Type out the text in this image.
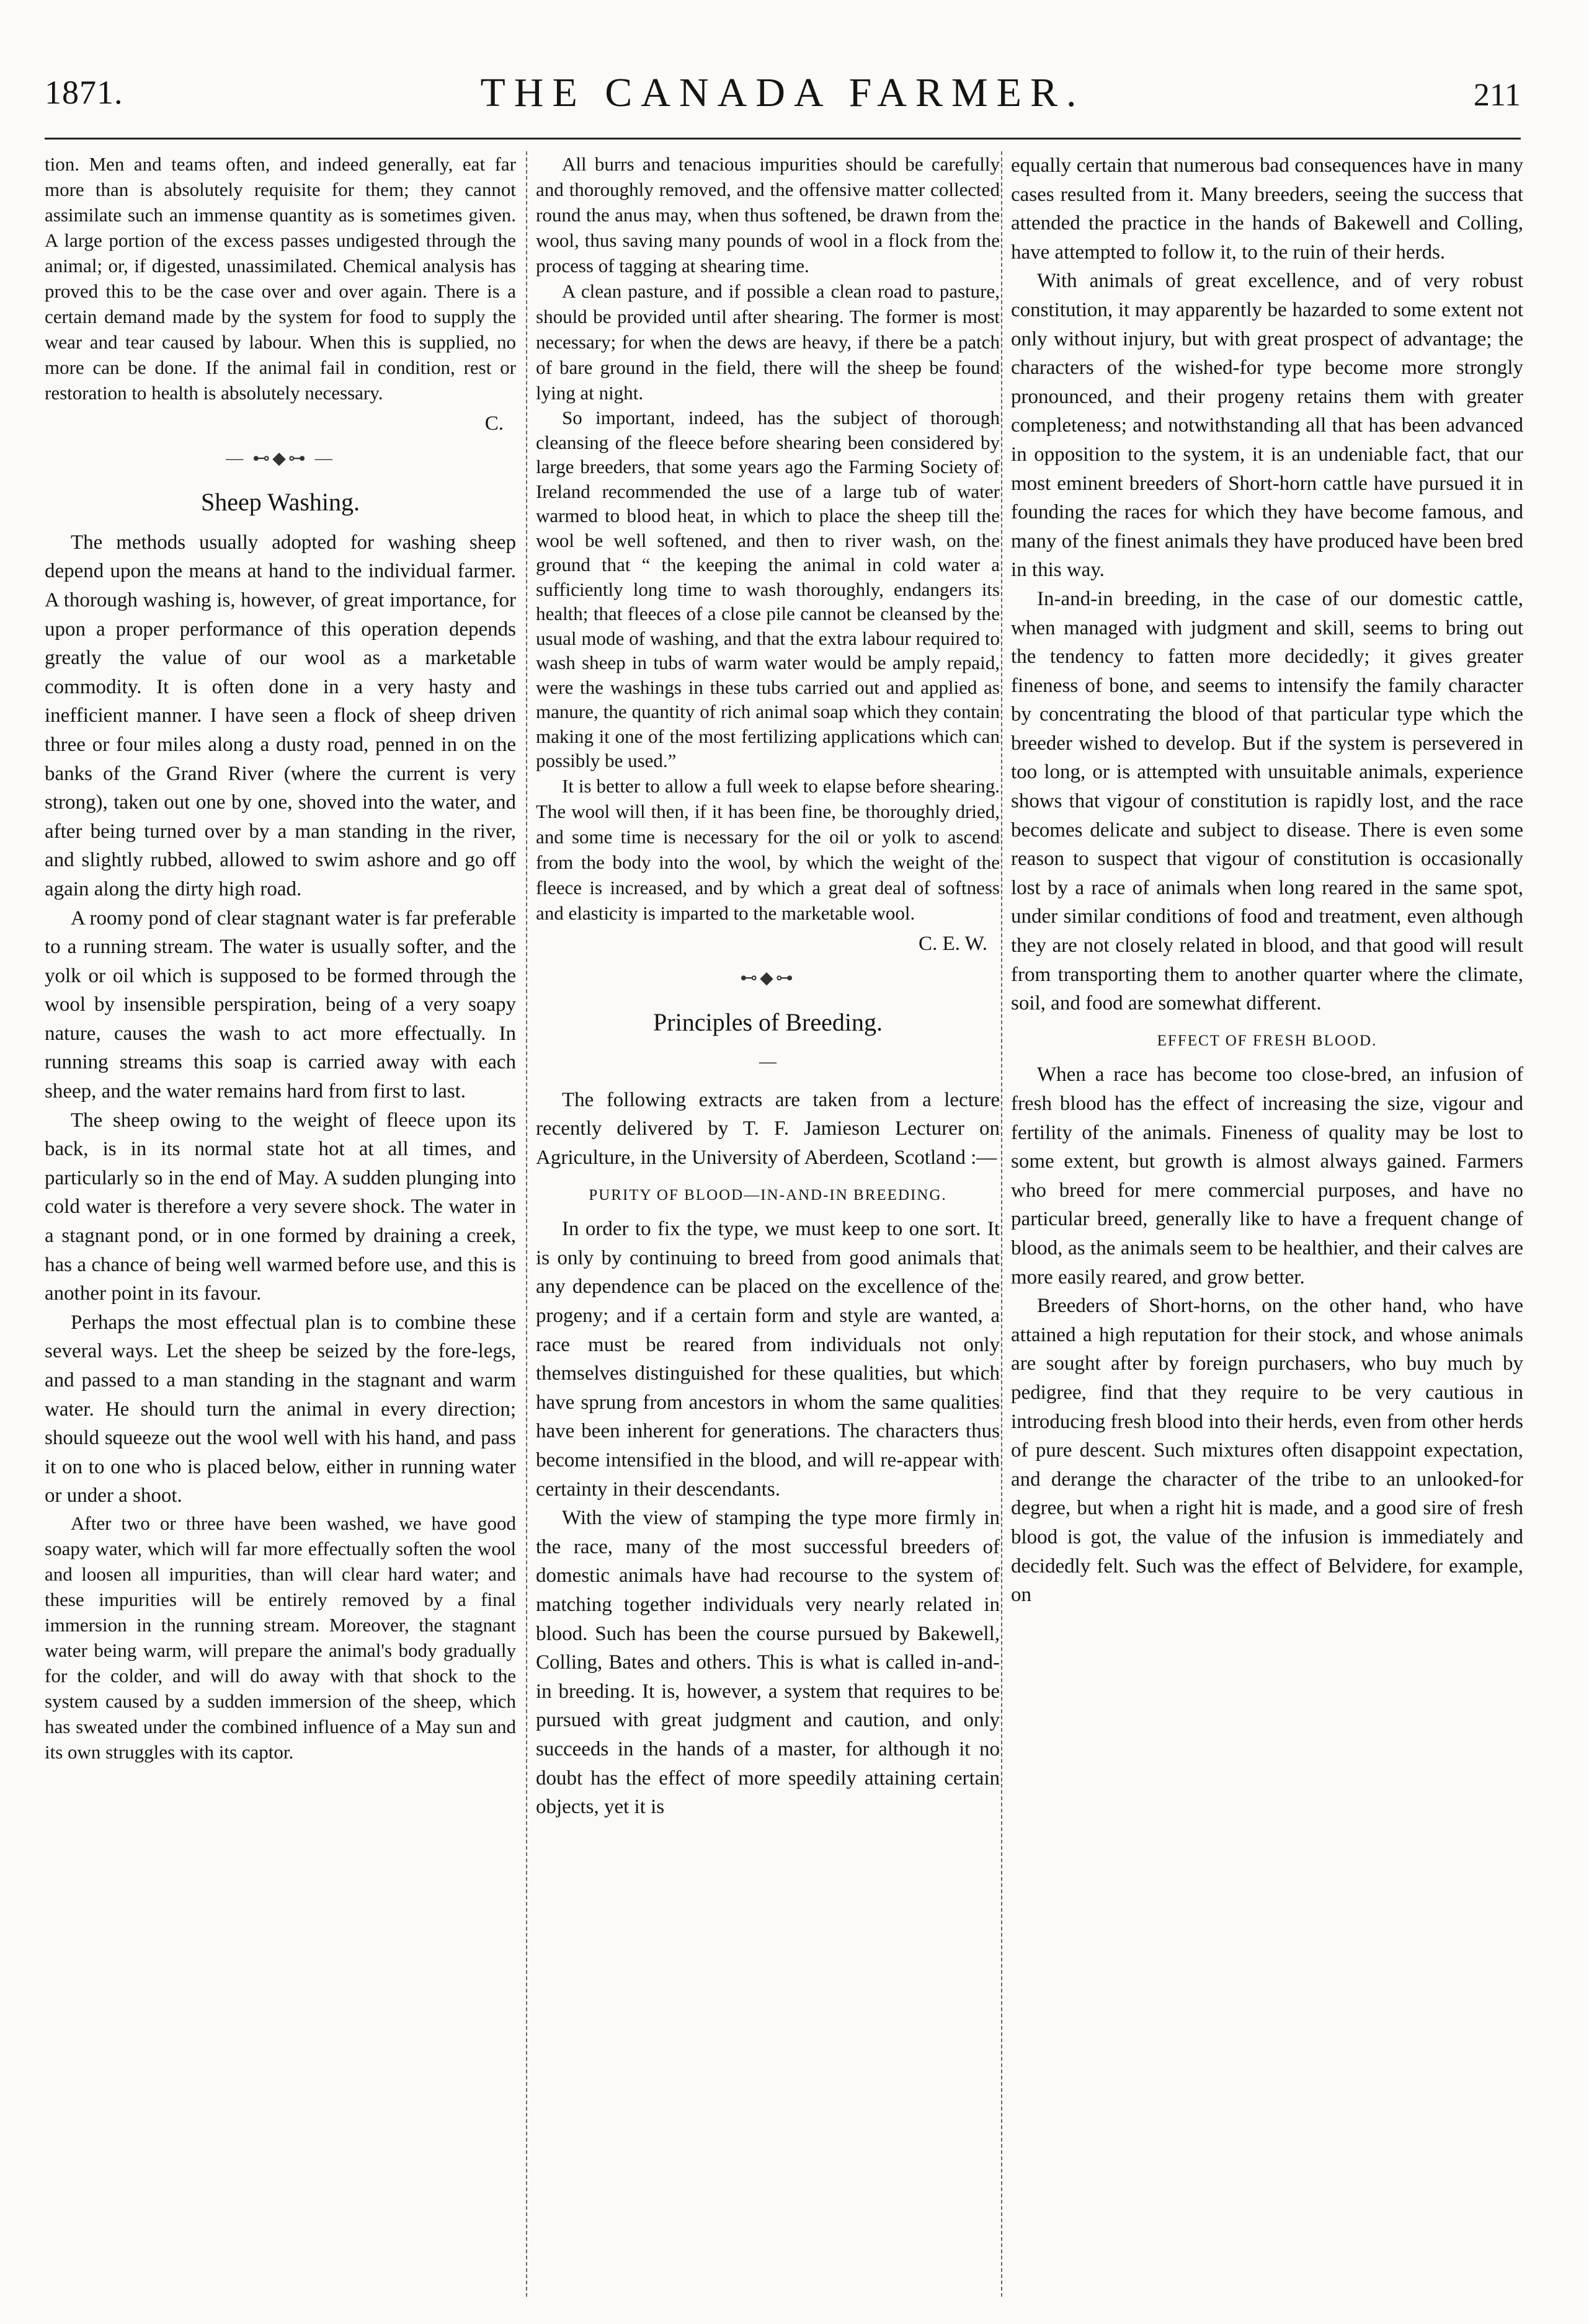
1871.	THE CANADA FARMER.	211

tion. Men and teams often, and indeed generally, eat far more than is absolutely requisite for them; they cannot assimilate such an immense quantity as is sometimes given. A large portion of the excess passes undigested through the animal; or, if digested, unassimilated. Chemical analysis has proved this to be the case over and over again. There is a certain demand made by the system for food to supply the wear and tear caused by labour. When this is supplied, no more can be done. If the animal fail in condition, rest or restoration to health is absolutely necessary.

C.

— ⊷◆⊶ —
Sheep Washing.

The methods usually adopted for washing sheep depend upon the means at hand to the individual farmer. A thorough washing is, however, of great importance, for upon a proper performance of this operation depends greatly the value of our wool as a marketable commodity. It is often done in a very hasty and inefficient manner. I have seen a flock of sheep driven three or four miles along a dusty road, penned in on the banks of the Grand River (where the current is very strong), taken out one by one, shoved into the water, and after being turned over by a man standing in the river, and slightly rubbed, allowed to swim ashore and go off again along the dirty high road.

A roomy pond of clear stagnant water is far preferable to a running stream. The water is usually softer, and the yolk or oil which is supposed to be formed through the wool by insensible perspiration, being of a very soapy nature, causes the wash to act more effectually. In running streams this soap is carried away with each sheep, and the water remains hard from first to last.

The sheep owing to the weight of fleece upon its back, is in its normal state hot at all times, and particularly so in the end of May. A sudden plunging into cold water is therefore a very severe shock. The water in a stagnant pond, or in one formed by draining a creek, has a chance of being well warmed before use, and this is another point in its favour.

Perhaps the most effectual plan is to combine these several ways. Let the sheep be seized by the fore-legs, and passed to a man standing in the stagnant and warm water. He should turn the animal in every direction; should squeeze out the wool well with his hand, and pass it on to one who is placed below, either in running water or under a shoot.

After two or three have been washed, we have good soapy water, which will far more effectually soften the wool and loosen all impurities, than will clear hard water; and these impurities will be entirely removed by a final immersion in the running stream. Moreover, the stagnant water being warm, will prepare the animal's body gradually for the colder, and will do away with that shock to the system caused by a sudden immersion of the sheep, which has sweated under the combined influence of a May sun and its own struggles with its captor.

All burrs and tenacious impurities should be carefully and thoroughly removed, and the offensive matter collected round the anus may, when thus softened, be drawn from the wool, thus saving many pounds of wool in a flock from the process of tagging at shearing time.

A clean pasture, and if possible a clean road to pasture, should be provided until after shearing. The former is most necessary; for when the dews are heavy, if there be a patch of bare ground in the field, there will the sheep be found lying at night.

So important, indeed, has the subject of thorough cleansing of the fleece before shearing been considered by large breeders, that some years ago the Farming Society of Ireland recommended the use of a large tub of water warmed to blood heat, in which to place the sheep till the wool be well softened, and then to river wash, on the ground that “ the keeping the animal in cold water a sufficiently long time to wash thoroughly, endangers its health; that fleeces of a close pile cannot be cleansed by the usual mode of washing, and that the extra labour required to wash sheep in tubs of warm water would be amply repaid, were the washings in these tubs carried out and applied as manure, the quantity of rich animal soap which they contain making it one of the most fertilizing applications which can possibly be used.”

It is better to allow a full week to elapse before shearing. The wool will then, if it has been fine, be thoroughly dried, and some time is necessary for the oil or yolk to ascend from the body into the wool, by which the weight of the fleece is increased, and by which a great deal of softness and elasticity is imparted to the marketable wool.

C. E. W.

⊷◆⊶
Principles of Breeding.
—

The following extracts are taken from a lecture recently delivered by T. F. Jamieson Lecturer on Agriculture, in the University of Aberdeen, Scotland :—

PURITY OF BLOOD—IN-AND-IN BREEDING.

In order to fix the type, we must keep to one sort. It is only by continuing to breed from good animals that any dependence can be placed on the excellence of the progeny; and if a certain form and style are wanted, a race must be reared from individuals not only themselves distinguished for these qualities, but which have sprung from ancestors in whom the same qualities have been inherent for generations. The characters thus become intensified in the blood, and will re-appear with certainty in their descendants.

With the view of stamping the type more firmly in the race, many of the most successful breeders of domestic animals have had recourse to the system of matching together individuals very nearly related in blood. Such has been the course pursued by Bakewell, Colling, Bates and others. This is what is called in-and-in breeding. It is, however, a system that requires to be pursued with great judgment and caution, and only succeeds in the hands of a master, for although it no doubt has the effect of more speedily attaining certain objects, yet it is

equally certain that numerous bad consequences have in many cases resulted from it. Many breeders, seeing the success that attended the practice in the hands of Bakewell and Colling, have attempted to follow it, to the ruin of their herds.

With animals of great excellence, and of very robust constitution, it may apparently be hazarded to some extent not only without injury, but with great prospect of advantage; the characters of the wished-for type become more strongly pronounced, and their progeny retains them with greater completeness; and notwithstanding all that has been advanced in opposition to the system, it is an undeniable fact, that our most eminent breeders of Short-horn cattle have pursued it in founding the races for which they have become famous, and many of the finest animals they have produced have been bred in this way.

In-and-in breeding, in the case of our domestic cattle, when managed with judgment and skill, seems to bring out the tendency to fatten more decidedly; it gives greater fineness of bone, and seems to intensify the family character by concentrating the blood of that particular type which the breeder wished to develop. But if the system is persevered in too long, or is attempted with unsuitable animals, experience shows that vigour of constitution is rapidly lost, and the race becomes delicate and subject to disease. There is even some reason to suspect that vigour of constitution is occasionally lost by a race of animals when long reared in the same spot, under similar conditions of food and treatment, even although they are not closely related in blood, and that good will result from transporting them to another quarter where the climate, soil, and food are somewhat different.

EFFECT OF FRESH BLOOD.

When a race has become too close-bred, an infusion of fresh blood has the effect of increasing the size, vigour and fertility of the animals. Fineness of quality may be lost to some extent, but growth is almost always gained. Farmers who breed for mere commercial purposes, and have no particular breed, generally like to have a frequent change of blood, as the animals seem to be healthier, and their calves are more easily reared, and grow better.

Breeders of Short-horns, on the other hand, who have attained a high reputation for their stock, and whose animals are sought after by foreign purchasers, who buy much by pedigree, find that they require to be very cautious in introducing fresh blood into their herds, even from other herds of pure descent. Such mixtures often disappoint expectation, and derange the character of the tribe to an unlooked-for degree, but when a right hit is made, and a good sire of fresh blood is got, the value of the infusion is immediately and decidedly felt. Such was the effect of Belvidere, for example, on
